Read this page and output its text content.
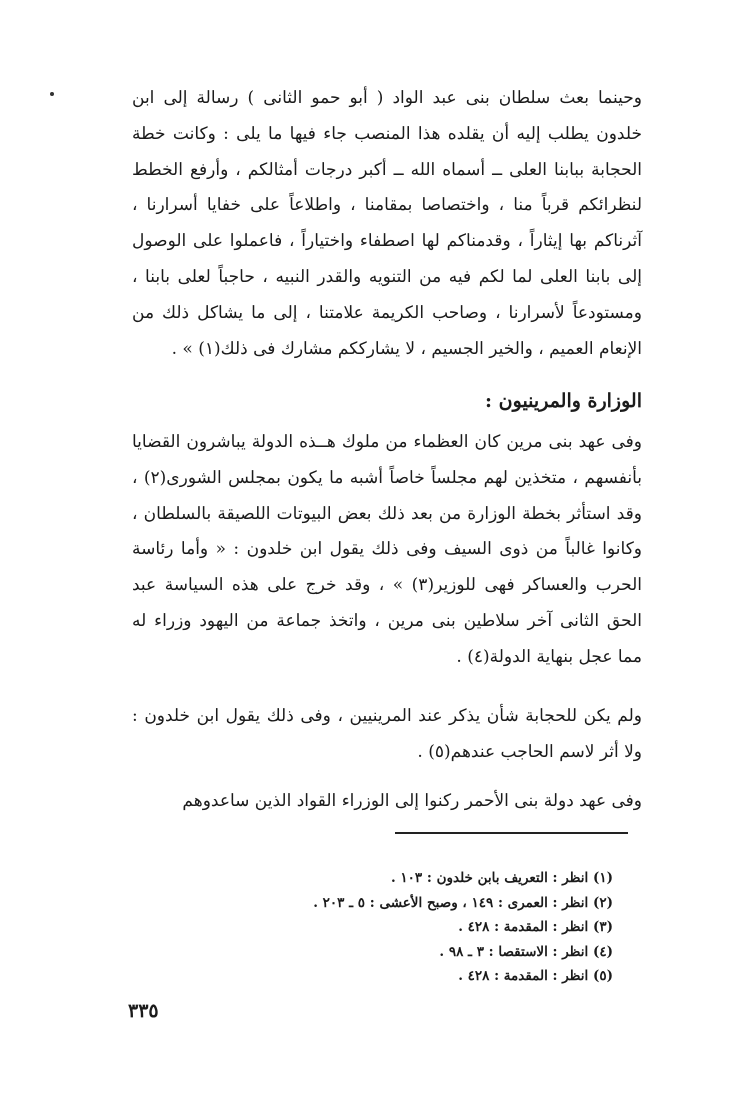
وحينما بعث سلطان بنى عبد الواد ( أبو حمو الثانى ) رسالة إلى ابن خلدون يطلب إليه أن يقلده هذا المنصب جاء فيها ما يلى : وكانت خطة الحجابة ببابنا العلى ــ أسماه الله ــ أكبر درجات أمثالكم ، وأرفع الخطط لنظرائكم قرباً منا ، واختصاصا بمقامنا ، واطلاعاً على خفايا أسرارنا ، آثرناكم بها إيثاراً ، وقدمناكم لها اصطفاء واختياراً ، فاعملوا على الوصول إلى بابنا العلى لما لكم فيه من التنويه والقدر النبيه ، حاجباً لعلى بابنا ، ومستودعاً لأسرارنا ، وصاحب الكريمة علامتنا ، إلى ما يشاكل ذلك من الإنعام العميم ، والخير الجسيم ، لا يشارككم مشارك فى ذلك(١) » .

الوزارة والمرينيون :

وفى عهد بنى مرين كان العظماء من ملوك هــذه الدولة يباشرون القضايا بأنفسهم ، متخذين لهم مجلساً خاصاً أشبه ما يكون بمجلس الشورى(٢) ، وقد استأثر بخطة الوزارة من بعد ذلك بعض البيوتات اللصيقة بالسلطان ، وكانوا غالباً من ذوى السيف وفى ذلك يقول ابن خلدون : « وأما رئاسة الحرب والعساكر فهى للوزير(٣) » ، وقد خرج على هذه السياسة عبد الحق الثانى آخر سلاطين بنى مرين ، واتخذ جماعة من اليهود وزراء له مما عجل بنهاية الدولة(٤) .

ولم يكن للحجابة شأن يذكر عند المرينيين ، وفى ذلك يقول ابن خلدون : ولا أثر لاسم الحاجب عندهم(٥) .

وفى عهد دولة بنى الأحمر ركنوا إلى الوزراء القواد الذين ساعدوهم

(١) انظر : التعريف بابن خلدون : ١٠٣ .
(٢) انظر : العمرى : ١٤٩ ، وصبح الأعشى : ٥ ـ ٢٠٣ .
(٣) انظر : المقدمة : ٤٢٨ .
(٤) انظر : الاستقصا : ٣ ـ ٩٨ .
(٥) انظر : المقدمة : ٤٢٨ .
٣٣٥
